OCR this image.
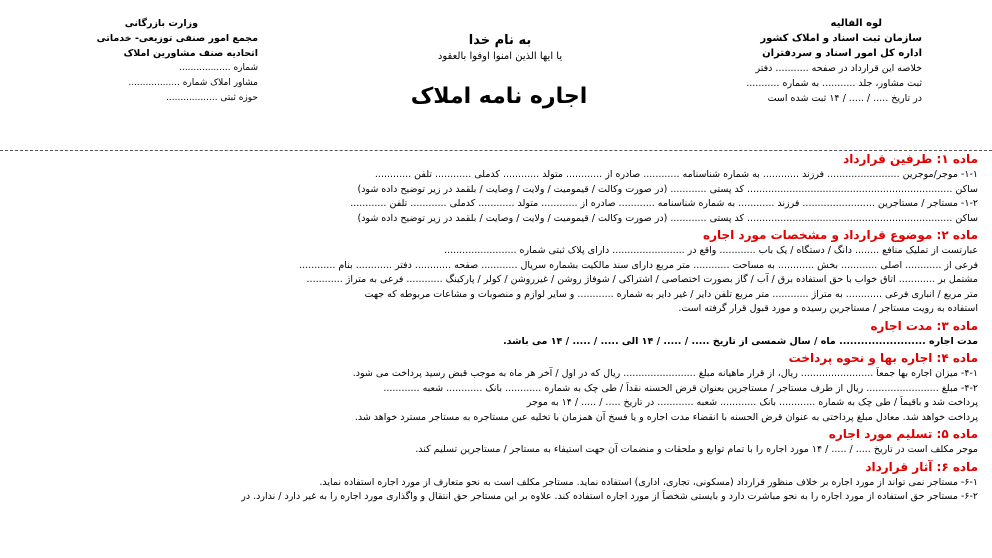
لوه الفالیه
سازمان ثبت اسناد و املاک کشور
اداره کل امور اسناد و سردفتران
خلاصه این قرارداد در صفحه ........... دفتر
ثبت مشاور، جلد ........... به شماره ...........
در تاریخ ..... / ..... / ۱۴ ثبت شده است
به نام خدا
یا ایها الذین امنوا اوفوا بالعقود
اجاره نامه املاک
وزارت بازرگانی
مجمع امور صنفی توزیعی- خدماتی
اتحادیه صنف مشاورین املاک
شماره ..................
مشاور املاک شماره ..................
حوزه ثبتی ..................
ماده ۱: طرفین قرارداد
۱-۱- موجر/موجرین ........................ فرزند ............ به شماره شناسنامه ............ صادره از ............ متولد ............ کدملی ............ تلفن ............
ساکن .................................................................... کد پستی ............ (در صورت وکالت / قیمومیت / ولایت / وصایت / بلقمد در زیر توضیح داده شود)
۱-۲- مستاجر / مستاجرین ........................ فرزند ............ به شماره شناسنامه ............ صادره از ............ متولد ............ کدملی ............ تلفن ............
ساکن .................................................................... کد پستی ............ (در صورت وکالت / قیمومیت / ولایت / وصایت / بلقمد در زیر توضیح داده شود)
ماده ۲: موضوع قرارداد و مشخصات مورد اجاره
عبارتست از تملیک منافع ........ دانگ / دستگاه / یک باب ............ واقع در ........................ دارای پلاک ثبتی شماره ........................
فرعی از ............ اصلی ............ بخش ............ به مساحت ............ متر مربع دارای سند مالکیت بشماره سریال ............ صفحه ............ دفتر ............ بنام ............
مشتمل بر ............ اتاق خواب با حق استفاده برق / آب / گاز بصورت اختصاصی / اشتراکی / شوفاژ روشن / غیرروشن / کولر / پارکینگ ............ فرعی به متراژ ............
متر مربع / انباری فرعی ............ به متراژ ............ متر مربع تلفن دایر / غیر دایر به شماره ............ و سایر لوازم و منصوبات و مشاعات مربوطه که جهت
استفاده به رویت مستاجر / مستاجرین رسیده و مورد قبول قرار گرفته است.
ماده ۳: مدت اجاره
مدت اجاره ........................ ماه / سال شمسی از تاریخ ..... / ..... / ۱۴ الی ..... / ..... / ۱۴ می باشد.
ماده ۴: اجاره بها و نحوه پرداخت
۴-۱- میزان اجاره بها جمعاً ........................ ریال، از قرار ماهیانه مبلغ ........................ ریال که در اول / آخر هر ماه به موجب قبض رسید پرداخت می شود.
۴-۲- مبلغ ........................ ریال از طرف مستاجر / مستاجرین بعنوان قرض الحسنه نقداً / طی چک به شماره ............ بانک ............ شعبه ............
پرداخت شد و باقیماً / طی چک به شماره ............ بانک ............ شعبه ............ در تاریخ ..... / ..... / ۱۴ به موجر
پرداخت خواهد شد. معادل مبلغ پرداختی به عنوان قرض الحسنه با انقضاء مدت اجاره و یا فسخ آن همزمان با تخلیه عین مستاجره به مستاجر مسترد خواهد شد.
ماده ۵: تسلیم مورد اجاره
موجر مکلف است در تاریخ ..... / ..... / ۱۴ مورد اجاره را با تمام توابع و ملحقات و منضمات آن جهت استیفاء به مستاجر / مستاجرین تسلیم کند.
ماده ۶: آثار قرارداد
۶-۱- مستاجر نمی تواند از مورد اجاره بر خلاف منظور قرارداد (مسکونی، تجاری، اداری) استفاده نماید. مستاجر مکلف است به نحو متعارف از مورد اجاره استفاده نماید.
۶-۲- مستاجر حق استفاده از مورد اجاره را به نحو مباشرت دارد و بایستی شخصاً از مورد اجاره استفاده کند. علاوه بر این مستاجر حق انتقال و واگذاری مورد اجاره را به غیر دارد / ندارد. در
